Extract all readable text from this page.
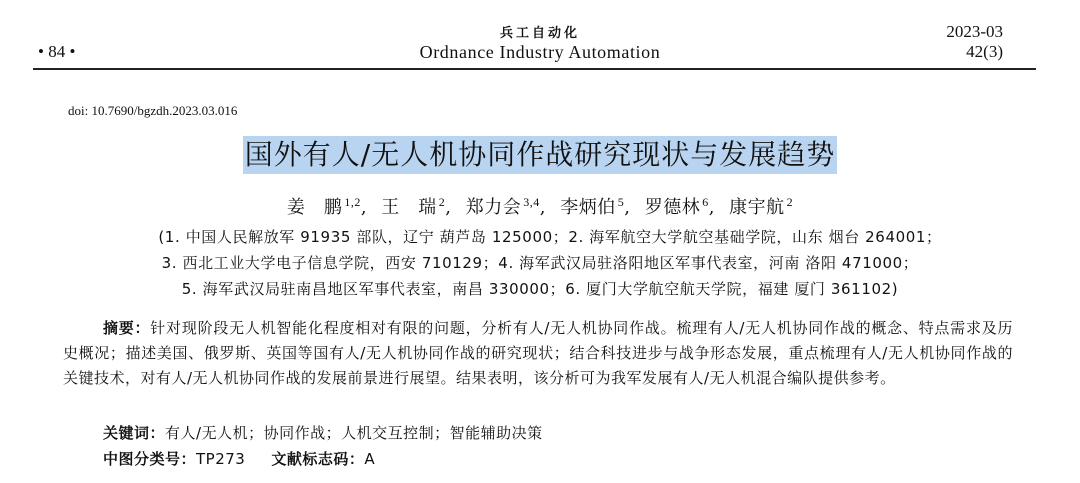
• 84 •
兵工自动化
Ordnance Industry Automation
2023-03
42(3)
doi: 10.7690/bgzdh.2023.03.016
国外有人/无人机协同作战研究现状与发展趋势
姜　鹏 $^{1,2}$, 王　瑞 $^2$, 郑力会 $^{3,4}$, 李炳伯 $^5$, 罗德林 $^6$, 康宇航 $^2$
(1. 中国人民解放军 91935 部队，辽宁 葫芦岛 125000；2. 海军航空大学航空基础学院，山东 烟台 264001；
3. 西北工业大学电子信息学院，西安 710129；4. 海军武汉局驻洛阳地区军事代表室，河南 洛阳 471000；
5. 海军武汉局驻南昌地区军事代表室，南昌 330000；6. 厦门大学航空航天学院，福建 厦门 361102)
摘要：针对现阶段无人机智能化程度相对有限的问题，分析有人/无人机协同作战。梳理有人/无人机协同作战的概念、特点需求及历史概况；描述美国、俄罗斯、英国等国有人/无人机协同作战的研究现状；结合科技进步与战争形态发展，重点梳理有人/无人机协同作战的关键技术，对有人/无人机协同作战的发展前景进行展望。结果表明，该分析可为我军发展有人/无人机混合编队提供参考。
关键词：有人/无人机；协同作战；人机交互控制；智能辅助决策
中图分类号：TP273 文献标志码：A
